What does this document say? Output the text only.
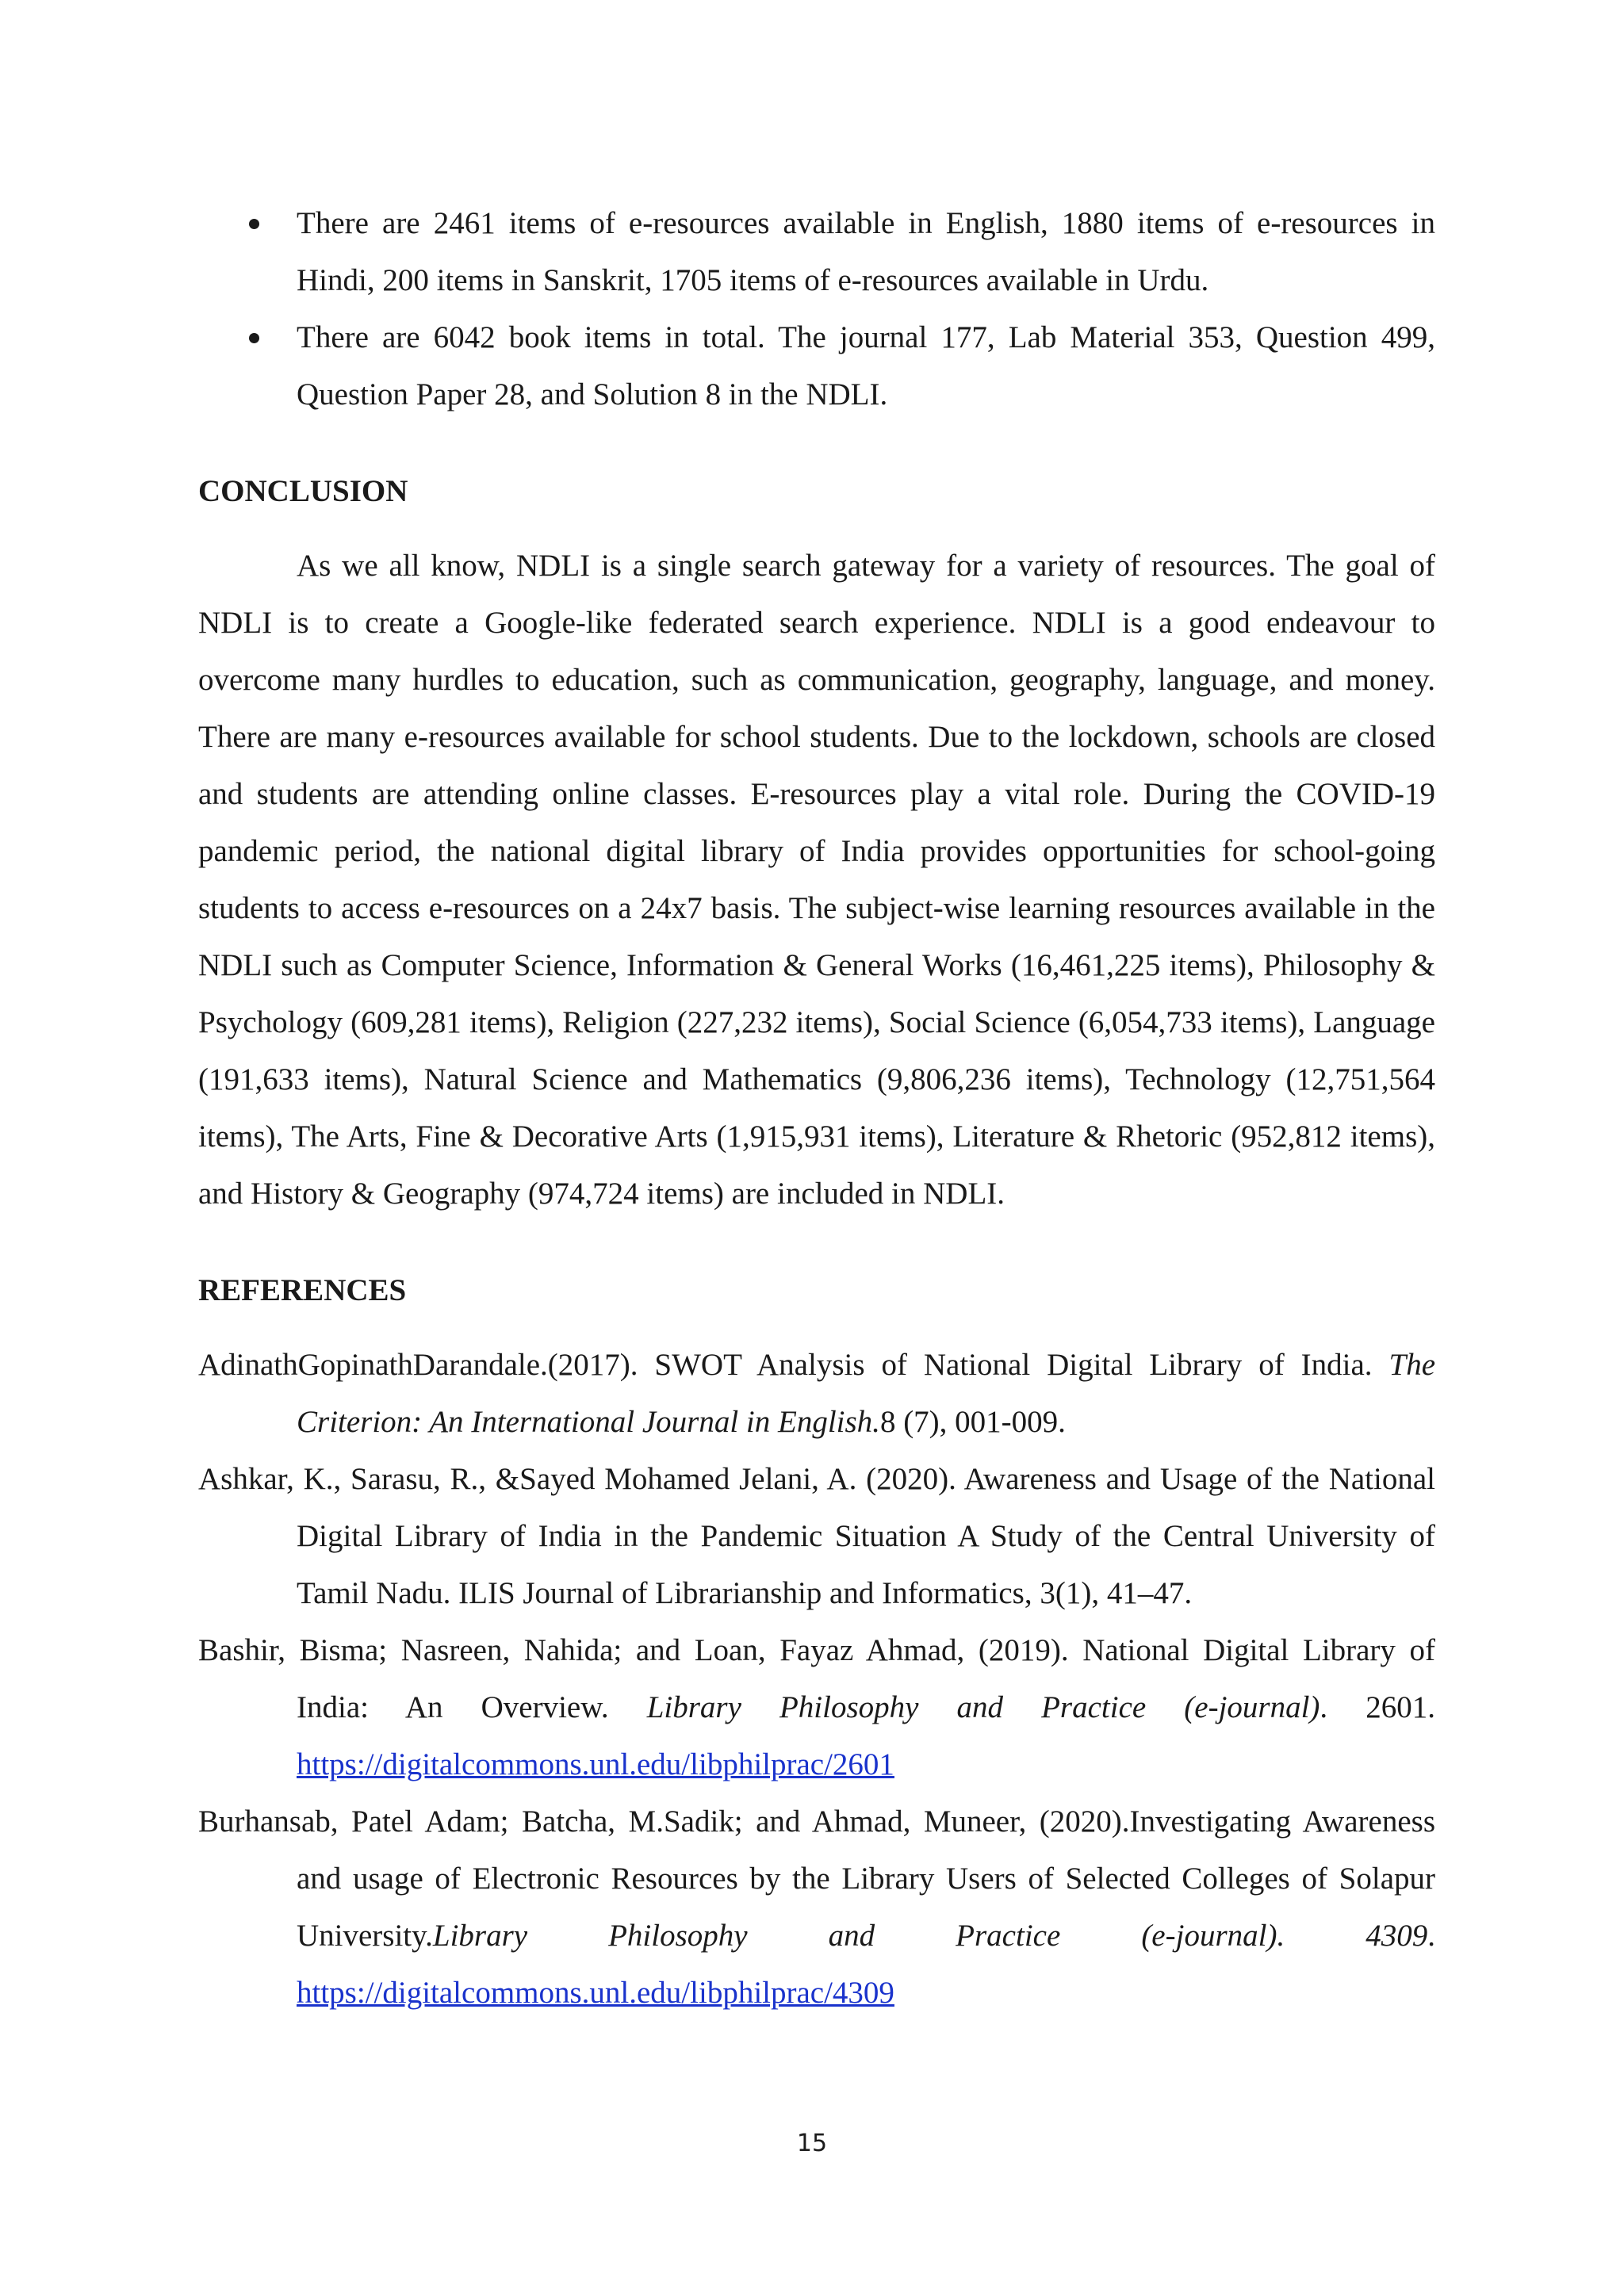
There are 2461 items of e-resources available in English, 1880 items of e-resources in Hindi, 200 items in Sanskrit, 1705 items of e-resources available in Urdu.
There are 6042 book items in total. The journal 177, Lab Material 353, Question 499, Question Paper 28, and Solution 8 in the NDLI.
CONCLUSION

As we all know, NDLI is a single search gateway for a variety of resources. The goal of NDLI is to create a Google-like federated search experience. NDLI is a good endeavour to overcome many hurdles to education, such as communication, geography, language, and money. There are many e-resources available for school students. Due to the lockdown, schools are closed and students are attending online classes. E-resources play a vital role. During the COVID-19 pandemic period, the national digital library of India provides opportunities for school-going students to access e-resources on a 24x7 basis. The subject-wise learning resources available in the NDLI such as Computer Science, Information & General Works (16,461,225 items), Philosophy & Psychology (609,281 items), Religion (227,232 items), Social Science (6,054,733 items), Language (191,633 items), Natural Science and Mathematics (9,806,236 items), Technology (12,751,564 items), The Arts, Fine & Decorative Arts (1,915,931 items), Literature & Rhetoric (952,812 items), and History & Geography (974,724 items) are included in NDLI.

REFERENCES

AdinathGopinathDarandale.(2017). SWOT Analysis of National Digital Library of India. The Criterion: An International Journal in English.8 (7), 001-009.

Ashkar, K., Sarasu, R., &Sayed Mohamed Jelani, A. (2020). Awareness and Usage of the National Digital Library of India in the Pandemic Situation A Study of the Central University of Tamil Nadu. ILIS Journal of Librarianship and Informatics, 3(1), 41–47.

Bashir, Bisma; Nasreen, Nahida; and Loan, Fayaz Ahmad, (2019). National Digital Library of India: An Overview. Library Philosophy and Practice (e-journal). 2601. https://digitalcommons.unl.edu/libphilprac/2601

Burhansab, Patel Adam; Batcha, M.Sadik; and Ahmad, Muneer, (2020).Investigating Awareness and usage of Electronic Resources by the Library Users of Selected Colleges of Solapur University.Library Philosophy and Practice (e-journal). 4309. https://digitalcommons.unl.edu/libphilprac/4309

15
